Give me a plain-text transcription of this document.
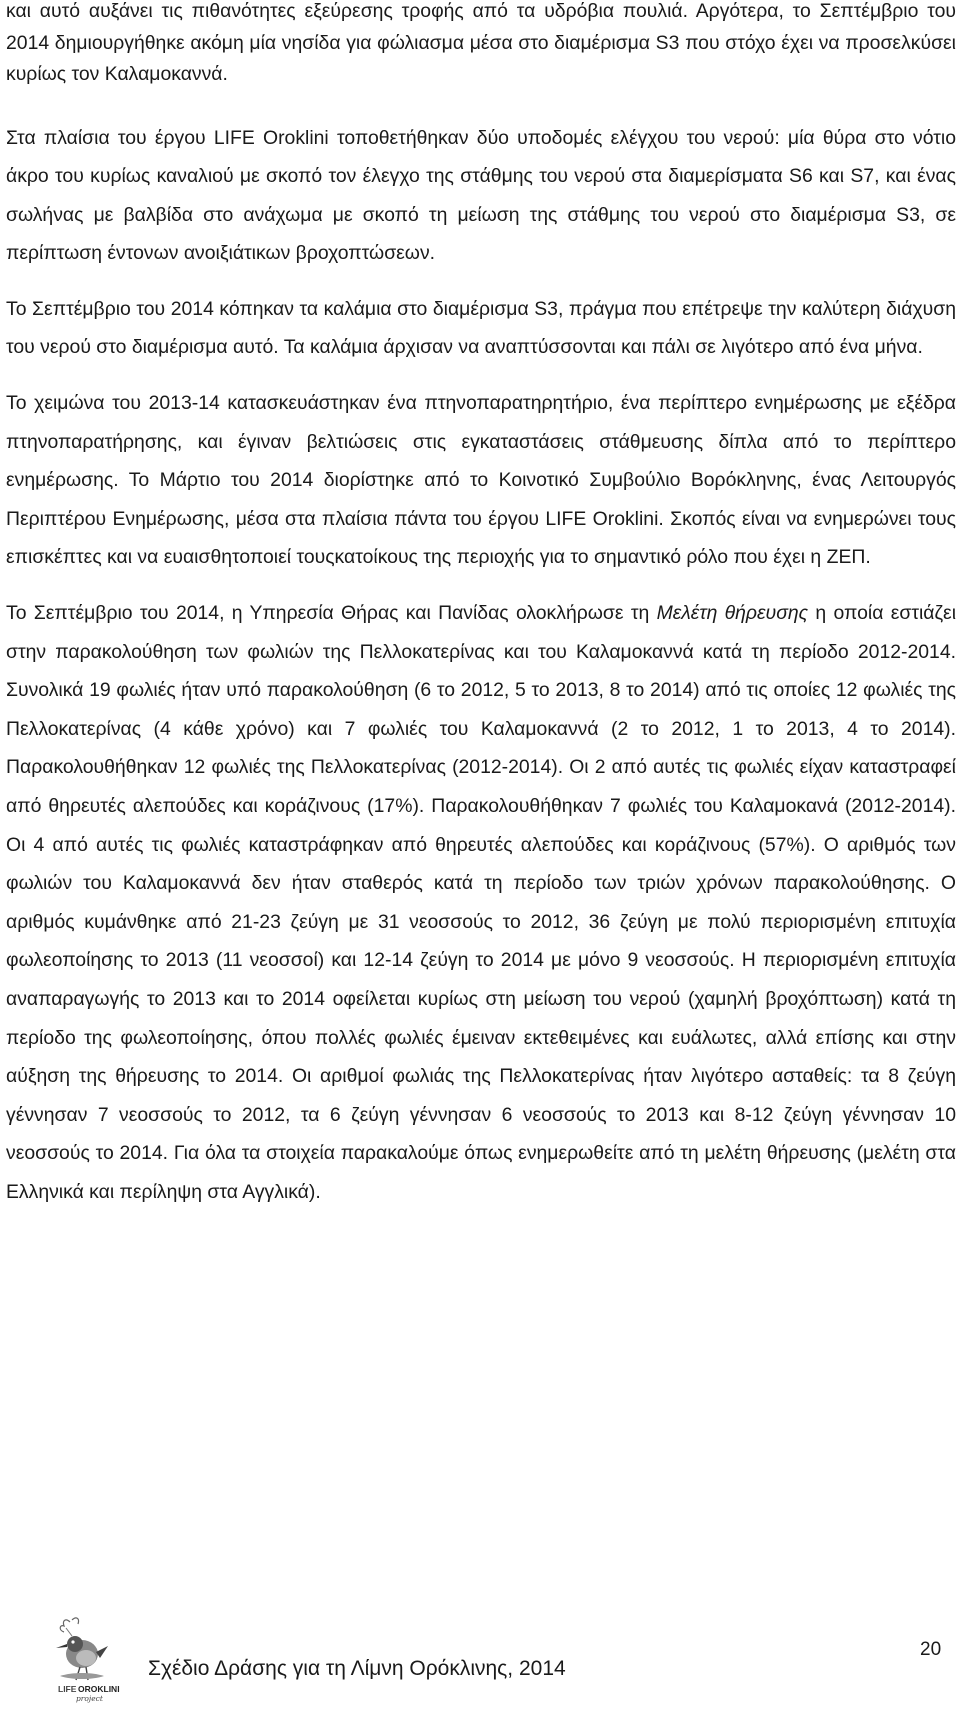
και αυτό αυξάνει τις πιθανότητες εξεύρεσης τροφής από τα υδρόβια πουλιά. Αργότερα, το Σεπτέμβριο του 2014 δημιουργήθηκε ακόμη μία νησίδα για φώλιασμα μέσα στο διαμέρισμα S3 που στόχο έχει να προσελκύσει κυρίως τον Καλαμοκαννά.

Στα πλαίσια του έργου LIFE Oroklini τοποθετήθηκαν δύο υποδομές ελέγχου του νερού: μία θύρα στο νότιο άκρο του κυρίως καναλιού με σκοπό τον έλεγχο της στάθμης του νερού στα διαμερίσματα S6 και S7, και ένας σωλήνας με βαλβίδα στο ανάχωμα με σκοπό τη μείωση της στάθμης του νερού στο διαμέρισμα S3, σε περίπτωση έντονων ανοιξιάτικων βροχοπτώσεων.

Το Σεπτέμβριο του 2014 κόπηκαν τα καλάμια στο διαμέρισμα S3, πράγμα που επέτρεψε την καλύτερη διάχυση του νερού στο διαμέρισμα αυτό. Τα καλάμια άρχισαν να αναπτύσσονται και πάλι σε λιγότερο από ένα μήνα.

Το χειμώνα του 2013-14 κατασκευάστηκαν ένα πτηνοπαρατηρητήριο, ένα περίπτερο ενημέρωσης με εξέδρα πτηνοπαρατήρησης, και έγιναν βελτιώσεις στις εγκαταστάσεις στάθμευσης δίπλα από το περίπτερο ενημέρωσης. Το Μάρτιο του 2014 διορίστηκε από το Κοινοτικό Συμβούλιο Βορόκληνης, ένας Λειτουργός Περιπτέρου Ενημέρωσης, μέσα στα πλαίσια πάντα του έργου LIFE Oroklini. Σκοπός είναι να ενημερώνει τους επισκέπτες και να ευαισθητοποιεί τουςκατοίκους της περιοχής για το σημαντικό ρόλο που έχει η ΖΕΠ.

Το Σεπτέμβριο του 2014, η Υπηρεσία Θήρας και Πανίδας ολοκλήρωσε τη Μελέτη θήρευσης η οποία εστιάζει στην παρακολούθηση των φωλιών της Πελλοκατερίνας και του Καλαμοκαννά κατά τη περίοδο 2012-2014. Συνολικά 19 φωλιές ήταν υπό παρακολούθηση (6 το 2012, 5 το 2013, 8 το 2014) από τις οποίες 12 φωλιές της Πελλοκατερίνας (4 κάθε χρόνο) και 7 φωλιές του Καλαμοκαννά (2 το 2012, 1 το 2013, 4 το 2014). Παρακολουθήθηκαν 12 φωλιές της Πελλοκατερίνας (2012-2014). Οι 2 από αυτές τις φωλιές είχαν καταστραφεί από θηρευτές αλεπούδες και κοράζινους (17%). Παρακολουθήθηκαν 7 φωλιές του Καλαμοκανά (2012-2014). Οι 4 από αυτές τις φωλιές καταστράφηκαν από θηρευτές αλεπούδες και κοράζινους (57%). Ο αριθμός των φωλιών του Καλαμοκαννά δεν ήταν σταθερός κατά τη περίοδο των τριών χρόνων παρακολούθησης. Ο αριθμός κυμάνθηκε από 21-23 ζεύγη με 31 νεοσσούς το 2012, 36 ζεύγη με πολύ περιορισμένη επιτυχία φωλεοποίησης το 2013 (11 νεοσσοί) και 12-14 ζεύγη το 2014 με μόνο 9 νεοσσούς. Η περιορισμένη επιτυχία αναπαραγωγής το 2013 και το 2014 οφείλεται κυρίως στη μείωση του νερού (χαμηλή βροχόπτωση) κατά τη περίοδο της φωλεοποίησης, όπου πολλές φωλιές έμειναν εκτεθειμένες και ευάλωτες, αλλά επίσης και στην αύξηση της θήρευσης το 2014. Οι αριθμοί φωλιάς της Πελλοκατερίνας ήταν λιγότερο ασταθείς: τα 8 ζεύγη γέννησαν 7 νεοσσούς το 2012, τα 6 ζεύγη γέννησαν 6 νεοσσούς το 2013 και 8-12 ζεύγη γέννησαν 10 νεοσσούς το 2014. Για όλα τα στοιχεία παρακαλούμε όπως ενημερωθείτε από τη μελέτη θήρευσης (μελέτη στα Ελληνικά και περίληψη στα Αγγλικά).

LIFE OROKLINI
project
Σχέδιο Δράσης για τη Λίμνη Ορόκλινης, 2014
20
